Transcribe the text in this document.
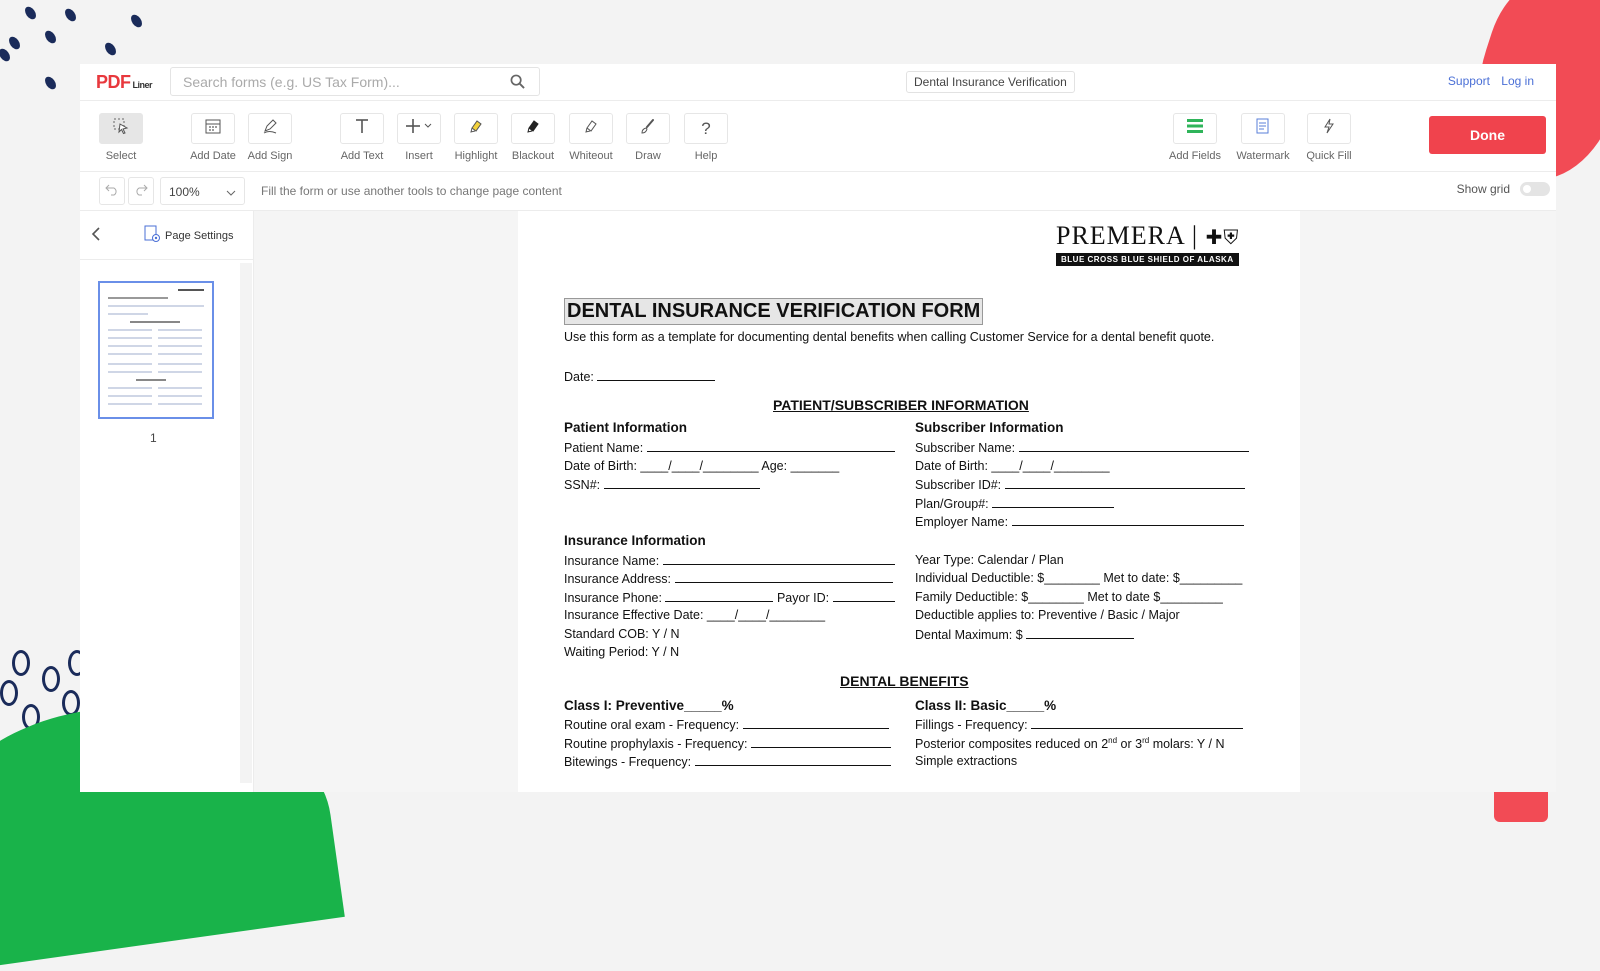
PDF Liner
Search forms (e.g. US Tax Form)...	Dental Insurance Verification	Support Log in
Select	Add Date	Add Sign	Add Text	Insert	Highlight	Blackout	Whiteout	Draw
?
Help	Add Fields	Watermark	Quick Fill
Done
100%	Fill the form or use another tools to change page content	Show grid
Page Settings
1
PREMERA | ✚⛨
BLUE CROSS BLUE SHIELD OF ALASKA
DENTAL INSURANCE VERIFICATION FORM
Use this form as a template for documenting dental benefits when calling Customer Service for a dental benefit quote.
Date:
PATIENT/SUBSCRIBER INFORMATION
Patient Information
Patient Name:
Date of Birth: ____/____/________ Age: _______
SSN#:
Subscriber Information
Subscriber Name:
Date of Birth: ____/____/________
Subscriber ID#:
Plan/Group#:
Employer Name:
Insurance Information
Insurance Name:
Insurance Address:
Insurance Phone:	Payor ID:
Insurance Effective Date: ____/____/________
Standard COB: Y / N
Waiting Period: Y / N
Year Type: Calendar / Plan
Individual Deductible: $________ Met to date: $_________
Family Deductible: $________ Met to date $_________
Deductible applies to: Preventive / Basic / Major
Dental Maximum: $
DENTAL BENEFITS
Class I: Preventive_____%
Routine oral exam - Frequency:
Routine prophylaxis - Frequency:
Bitewings - Frequency:
Class II: Basic_____%
Fillings - Frequency:
Posterior composites reduced on 2nd or 3rd molars: Y / N
Simple extractions
